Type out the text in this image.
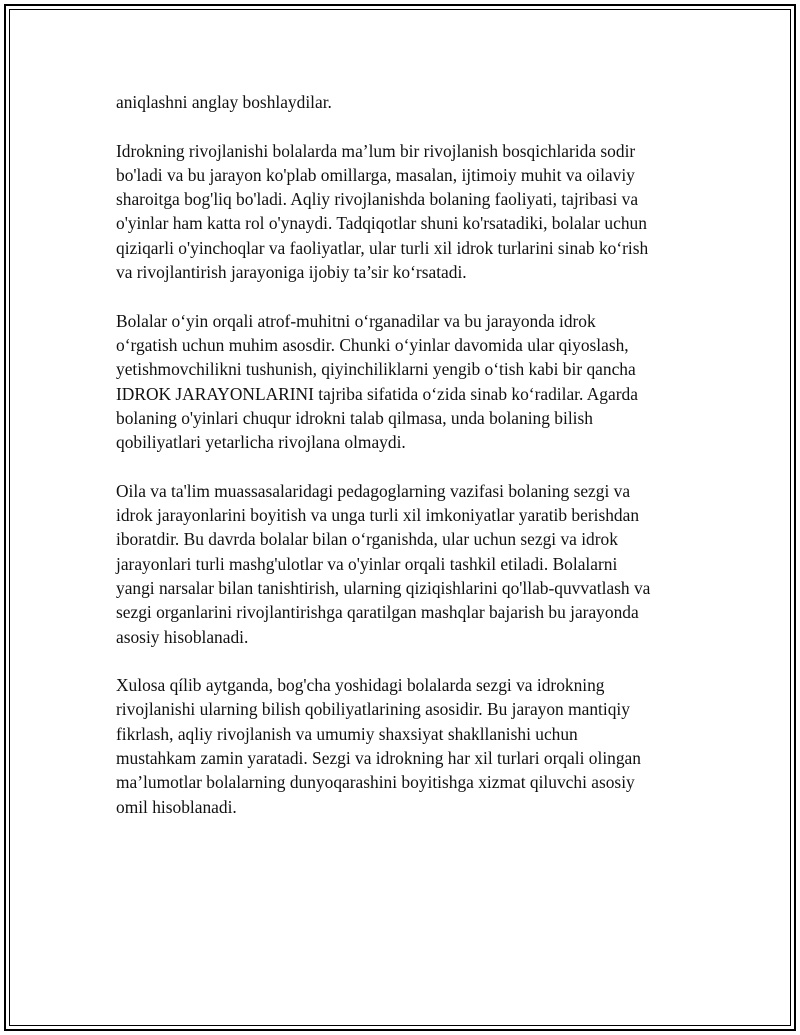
aniqlashni anglay boshlaydilar.

Idrokning rivojlanishi bolalarda ma’lum bir rivojlanish bosqichlarida sodir
bo'ladi va bu jarayon ko'plab omillarga, masalan, ijtimoiy muhit va oilaviy
sharoitga bog'liq bo'ladi. Aqliy rivojlanishda bolaning faoliyati, tajribasi va
o'yinlar ham katta rol o'ynaydi. Tadqiqotlar shuni ko'rsatadiki, bolalar uchun
qiziqarli o'yinchoqlar va faoliyatlar, ular turli xil idrok turlarini sinab ko‘rish
va rivojlantirish jarayoniga ijobiy ta’sir ko‘rsatadi.

Bolalar o‘yin orqali atrof-muhitni o‘rganadilar va bu jarayonda idrok
o‘rgatish uchun muhim asosdir. Chunki o‘yinlar davomida ular qiyoslash,
yetishmovchilikni tushunish, qiyinchiliklarni yengib o‘tish kabi bir qancha
IDROK JARAYONLARINI tajriba sifatida o‘zida sinab ko‘radilar. Agarda
bolaning o'yinlari chuqur idrokni talab qilmasa, unda bolaning bilish
qobiliyatlari yetarlicha rivojlana olmaydi.

Oila va ta'lim muassasalaridagi pedagoglarning vazifasi bolaning sezgi va
idrok jarayonlarini boyitish va unga turli xil imkoniyatlar yaratib berishdan
iboratdir. Bu davrda bolalar bilan o‘rganishda, ular uchun sezgi va idrok
jarayonlari turli mashg'ulotlar va o'yinlar orqali tashkil etiladi. Bolalarni
yangi narsalar bilan tanishtirish, ularning qiziqishlarini qo'llab-quvvatlash va
sezgi organlarini rivojlantirishga qaratilgan mashqlar bajarish bu jarayonda
asosiy hisoblanadi.

Xulosa qílib aytganda, bog'cha yoshidagi bolalarda sezgi va idrokning
rivojlanishi ularning bilish qobiliyatlarining asosidir. Bu jarayon mantiqiy
fikrlash, aqliy rivojlanish va umumiy shaxsiyat shakllanishi uchun
mustahkam zamin yaratadi. Sezgi va idrokning har xil turlari orqali olingan
ma’lumotlar bolalarning dunyoqarashini boyitishga xizmat qiluvchi asosiy
omil hisoblanadi.
